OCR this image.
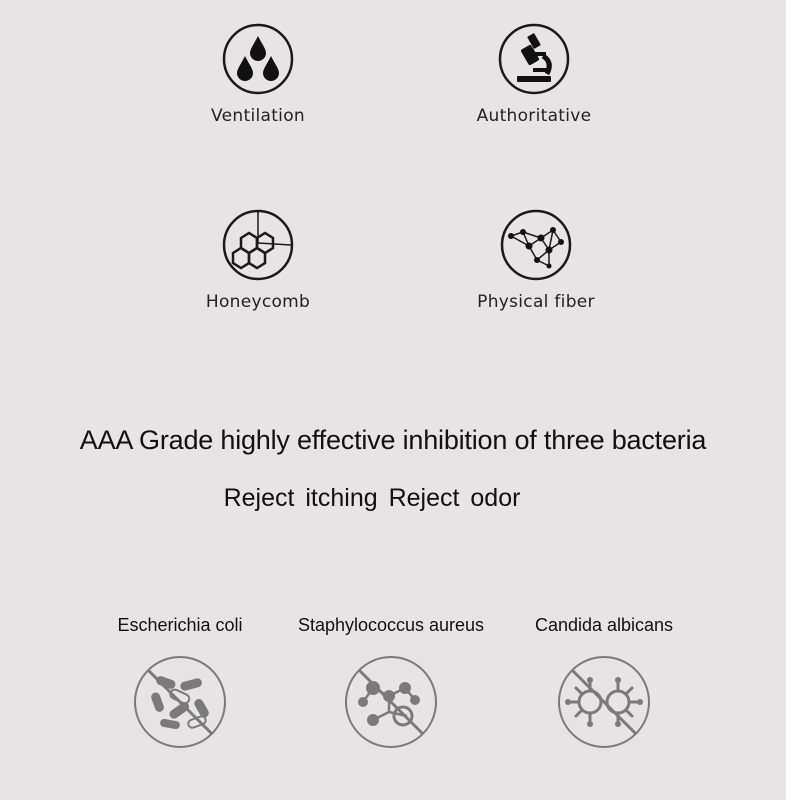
Ventilation	Authoritative
Honeycomb	Physical fiber
AAA Grade highly effective inhibition of three bacteria
Reject itching Reject odor
Escherichia coli	Staphylococcus aureus	Candida albicans
